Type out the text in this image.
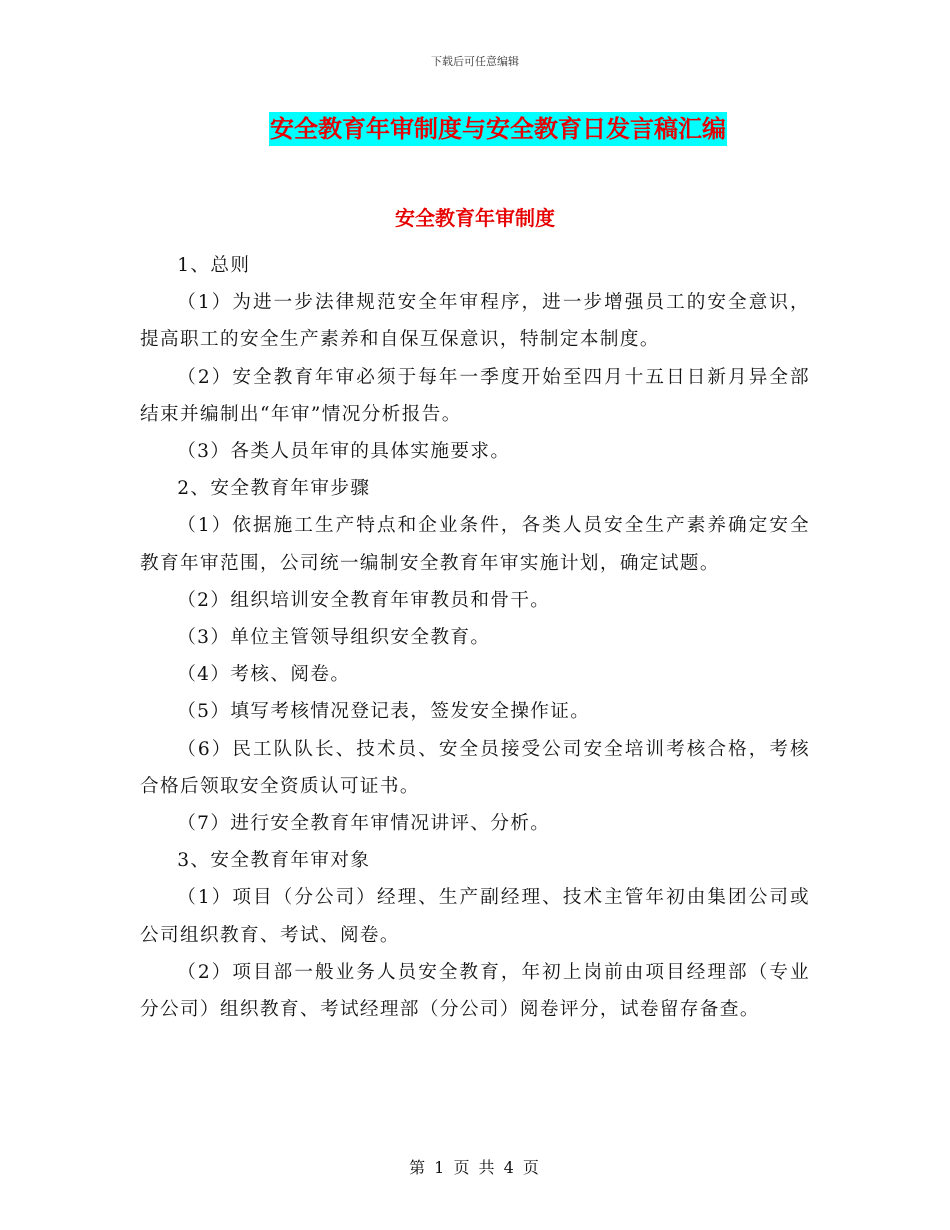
下载后可任意编辑
安全教育年审制度与安全教育日发言稿汇编
安全教育年审制度

1、总则

（1）为进一步法律规范安全年审程序，进一步增强员工的安全意识，提高职工的安全生产素养和自保互保意识，特制定本制度。

（2）安全教育年审必须于每年一季度开始至四月十五日日新月异全部结束并编制出“年审”情况分析报告。

（3）各类人员年审的具体实施要求。

2、安全教育年审步骤

（1）依据施工生产特点和企业条件，各类人员安全生产素养确定安全教育年审范围，公司统一编制安全教育年审实施计划，确定试题。

（2）组织培训安全教育年审教员和骨干。

（3）单位主管领导组织安全教育。

（4）考核、阅卷。

（5）填写考核情况登记表，签发安全操作证。

（6）民工队队长、技术员、安全员接受公司安全培训考核合格，考核合格后领取安全资质认可证书。

（7）进行安全教育年审情况讲评、分析。

3、安全教育年审对象

（1）项目（分公司）经理、生产副经理、技术主管年初由集团公司或公司组织教育、考试、阅卷。

（2）项目部一般业务人员安全教育，年初上岗前由项目经理部（专业分公司）组织教育、考试经理部（分公司）阅卷评分，试卷留存备查。

第 1 页 共 4 页
